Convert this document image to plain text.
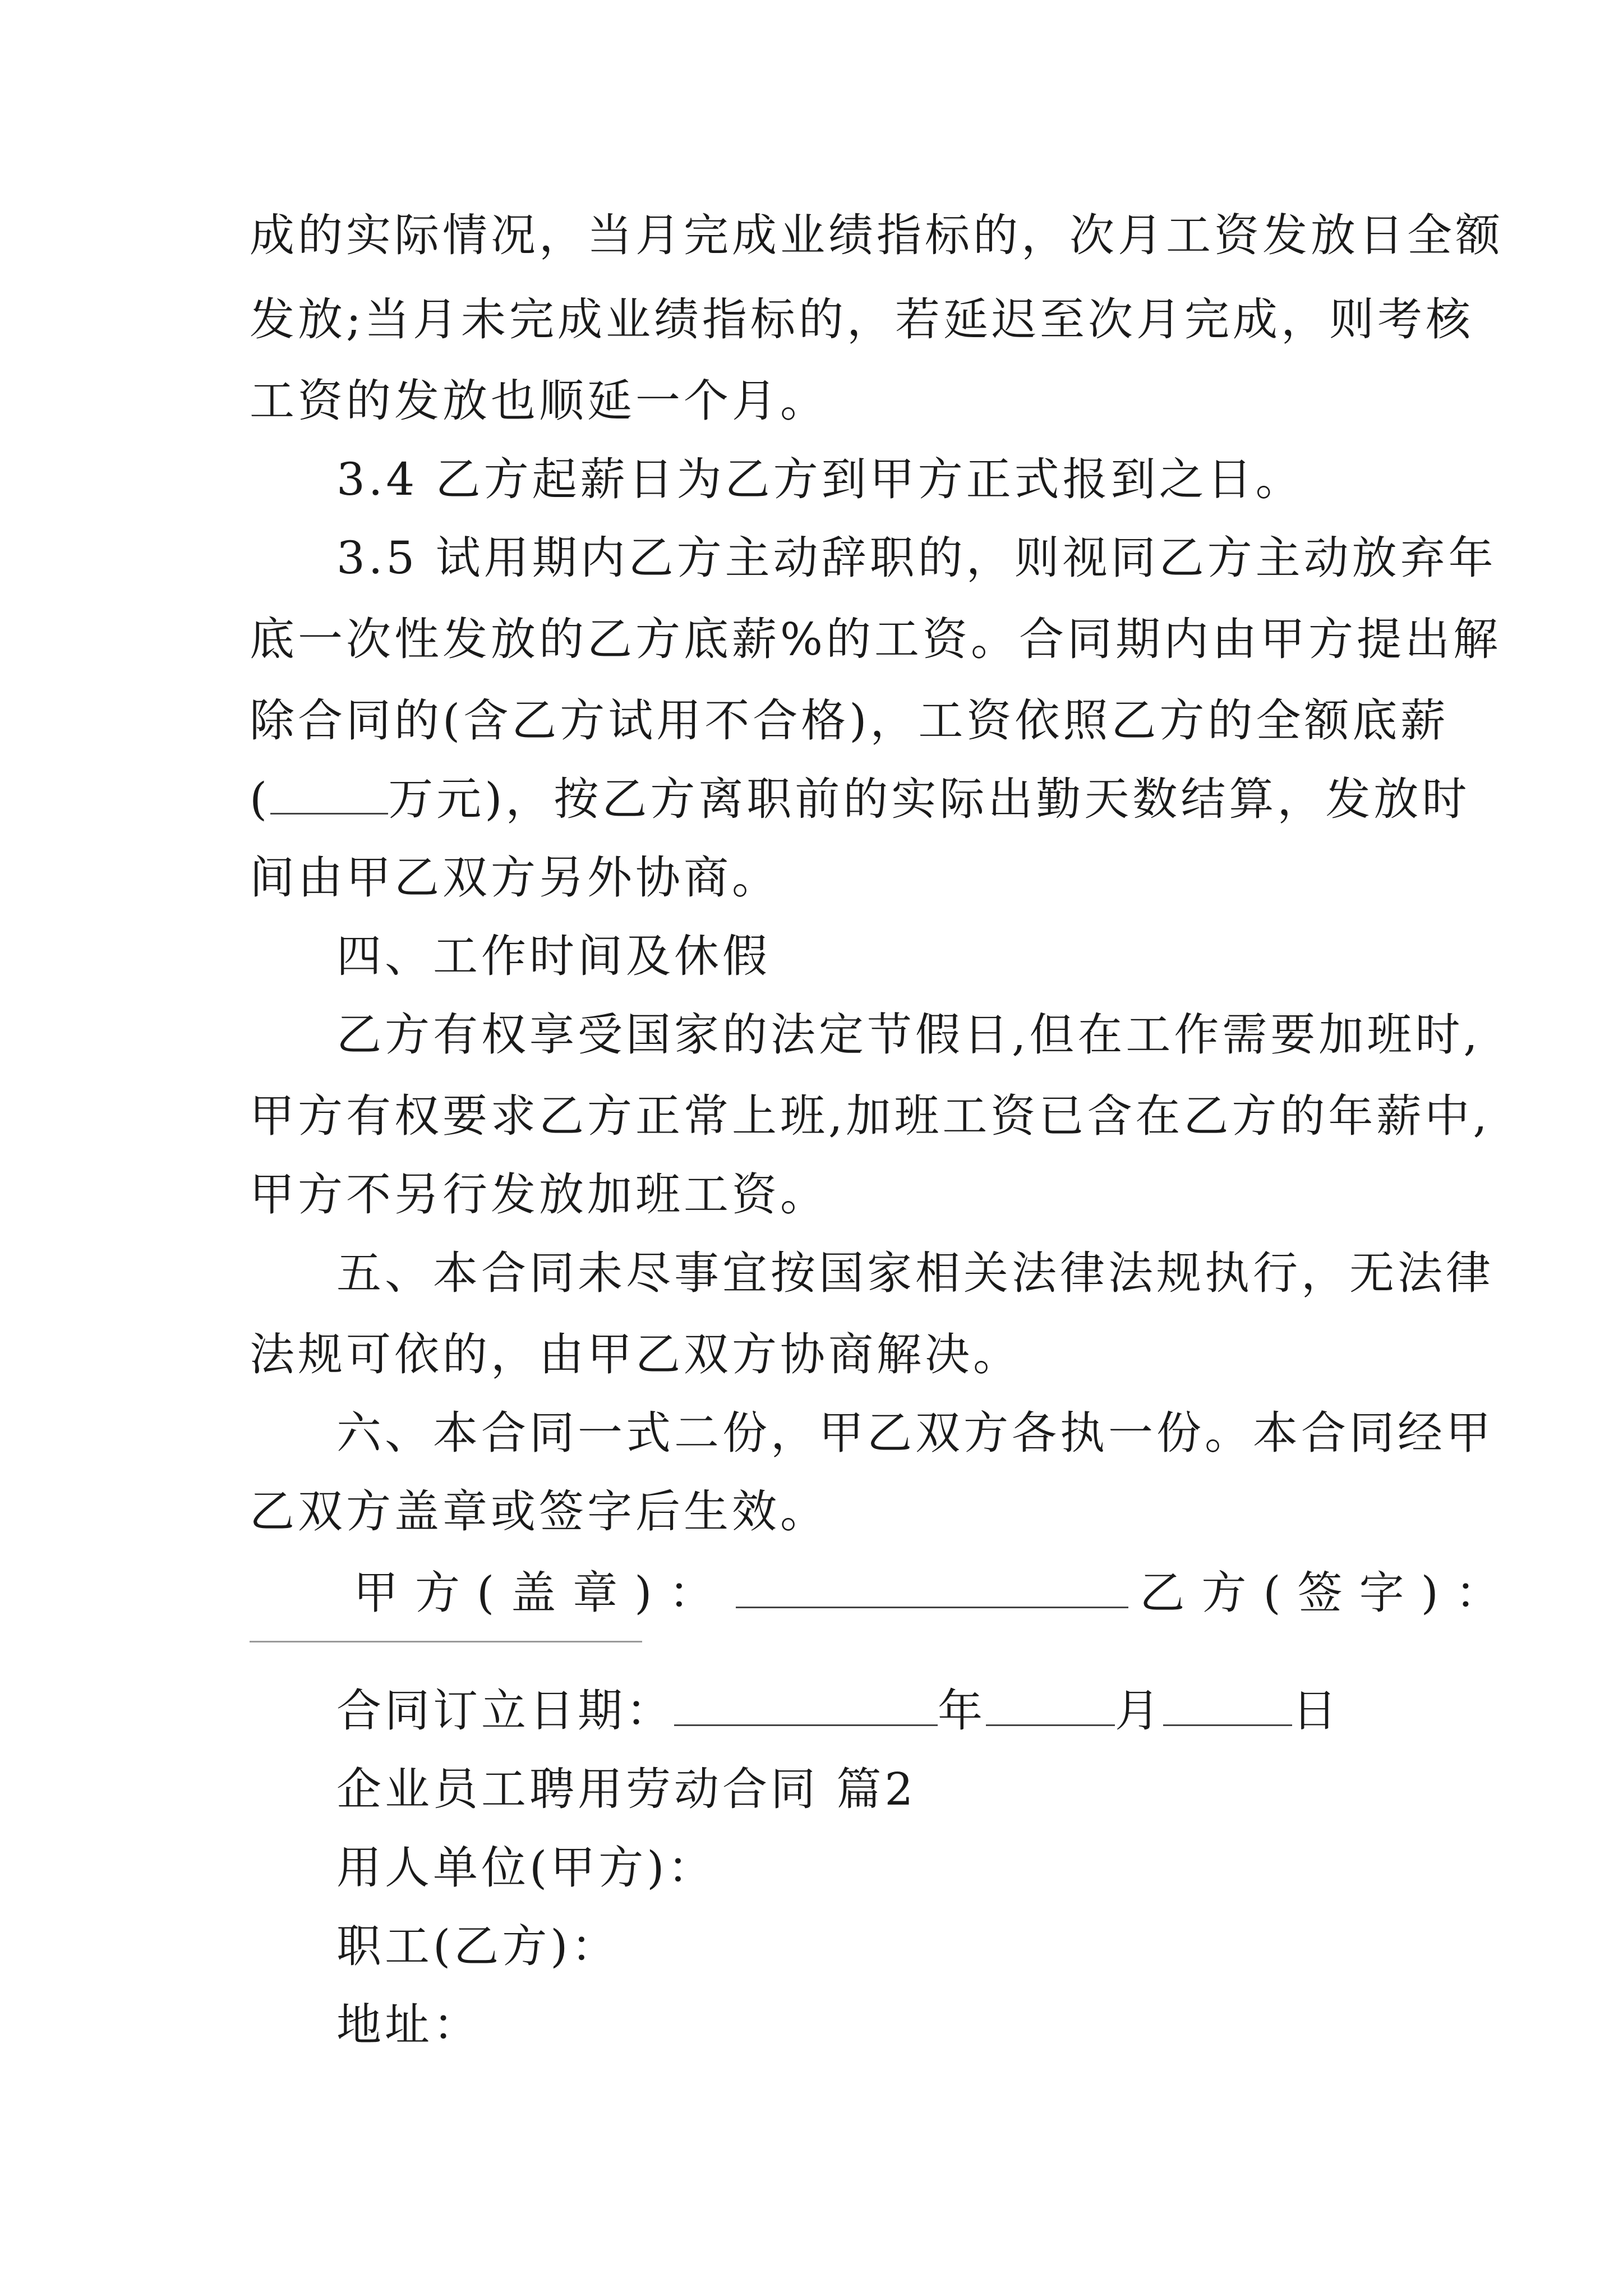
成的实际情况，当月完成业绩指标的，次月工资发放日全额
发放;当月未完成业绩指标的，若延迟至次月完成，则考核
工资的发放也顺延一个月。
3.4 乙方起薪日为乙方到甲方正式报到之日。
3.5 试用期内乙方主动辞职的，则视同乙方主动放弃年
底一次性发放的乙方底薪%的工资。合同期内由甲方提出解
除合同的(含乙方试用不合格)，工资依照乙方的全额底薪
(	万元)，按乙方离职前的实际出勤天数结算，发放时
间由甲乙双方另外协商。
四、工作时间及休假
乙方有权享受国家的法定节假日,但在工作需要加班时,
甲方有权要求乙方正常上班,加班工资已含在乙方的年薪中,
甲方不另行发放加班工资。
五、本合同未尽事宜按国家相关法律法规执行，无法律
法规可依的，由甲乙双方协商解决。
六、本合同一式二份，甲乙双方各执一份。本合同经甲
乙双方盖章或签字后生效。
甲方(盖章)：	乙方(签字)：
合同订立日期：	年	月	日
企业员工聘用劳动合同 篇2
用人单位(甲方)：
职工(乙方)：
地址：
